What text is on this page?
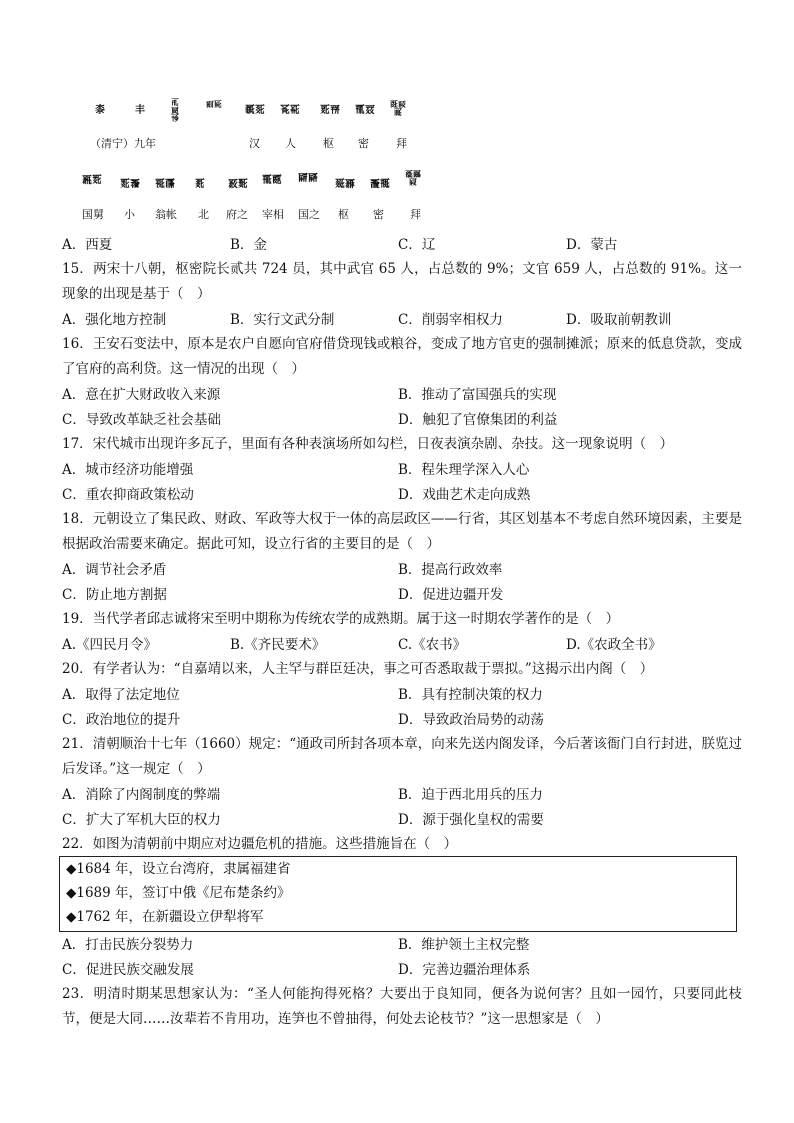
桼	丰
𗀀𗀁𗀂
𗀃𗀄
𗀅𗀆 𗀇𗀈 𗀉𗀊 𗀋𗀌
𗀍𗀎𗀏
（清宁）九年	汉 人 枢 密 拜
𗀐𗀑 𗀒𗀓 𗀔𗀕 𗀖 𗀗𗀘 𗀙𗀚 𗀛𗀜
𗀝𗀞 𗀟𗀠
𗀡𗀢𗀣
国舅 小 翁帐 北 府之 宰相 国之 枢 密 拜
A．西夏	B．金	C．辽	D．蒙古
15．两宋十八朝，枢密院长贰共 724 员，其中武官 65 人，占总数的 9%；文官 659 人，占总数的 91%。这一现象的出现是基于（　）
A．强化地方控制	B．实行文武分制	C．削弱宰相权力	D．吸取前朝教训
16．王安石变法中，原本是农户自愿向官府借贷现钱或粮谷，变成了地方官吏的强制摊派；原来的低息贷款，变成了官府的高利贷。这一情况的出现（　）
A．意在扩大财政收入来源	B．推动了富国强兵的实现
C．导致改革缺乏社会基础	D．触犯了官僚集团的利益
17．宋代城市出现许多瓦子，里面有各种表演场所如勾栏，日夜表演杂剧、杂技。这一现象说明（　）
A．城市经济功能增强	B．程朱理学深入人心
C．重农抑商政策松动	D．戏曲艺术走向成熟
18．元朝设立了集民政、财政、军政等大权于一体的高层政区——行省，其区划基本不考虑自然环境因素，主要是根据政治需要来确定。据此可知，设立行省的主要目的是（　）
A．调节社会矛盾	B．提高行政效率
C．防止地方割据	D．促进边疆开发
19．当代学者邱志诚将宋至明中期称为传统农学的成熟期。属于这一时期农学著作的是（　）
A.《四民月令》	B.《齐民要术》	C.《农书》	D.《农政全书》
20．有学者认为：“自嘉靖以来，人主罕与群臣廷决，事之可否悉取裁于票拟。”这揭示出内阁（　）
A．取得了法定地位	B．具有控制决策的权力
C．政治地位的提升	D．导致政治局势的动荡
21．清朝顺治十七年（1660）规定：“通政司所封各项本章，向来先送内阁发译，今后著该衙门自行封进，朕览过后发译。”这一规定（　）
A．消除了内阁制度的弊端	B．迫于西北用兵的压力
C．扩大了军机大臣的权力	D．源于强化皇权的需要
22．如图为清朝前中期应对边疆危机的措施。这些措施旨在（　）
◆1684 年，设立台湾府，隶属福建省
◆1689 年，签订中俄《尼布楚条约》
◆1762 年，在新疆设立伊犁将军
A．打击民族分裂势力	B．维护领土主权完整
C．促进民族交融发展	D．完善边疆治理体系
23．明清时期某思想家认为：“圣人何能拘得死格？大要出于良知同，便各为说何害？且如一园竹，只要同此枝节，便是大同……汝辈若不肯用功，连笋也不曾抽得，何处去论枝节？”这一思想家是（　）
